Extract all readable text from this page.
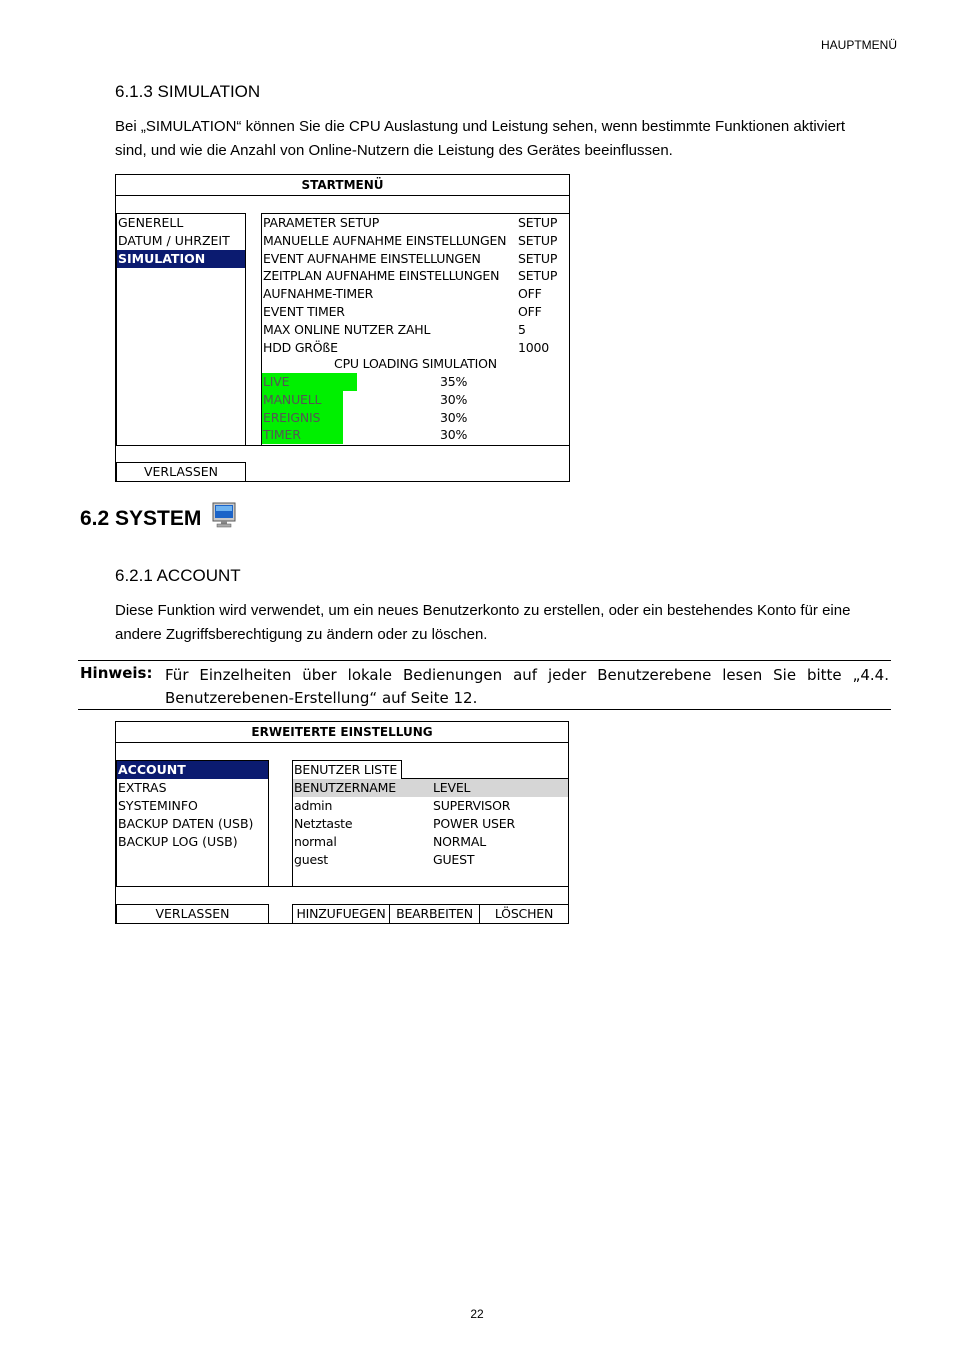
HAUPTMENÜ
6.1.3 SIMULATION
Bei „SIMULATION“ können Sie die CPU Auslastung und Leistung sehen, wenn bestimmte Funktionen aktiviert
sind, und wie die Anzahl von Online-Nutzern die Leistung des Gerätes beeinflussen.
STARTMENÜ
GENERELL
DATUM / UHRZEIT
SIMULATION
PARAMETER SETUP	SETUP
MANUELLE AUFNAHME EINSTELLUNGEN SETUP
EVENT AUFNAHME EINSTELLUNGEN	SETUP
ZEITPLAN AUFNAHME EINSTELLUNGEN SETUP
AUFNAHME-TIMER	OFF
EVENT TIMER	OFF
MAX ONLINE NUTZER ZAHL	5
HDD GRÖßE	1000
CPU LOADING SIMULATION
LIVE	35%
MANUELL	30%
EREIGNIS	30%
TIMER	30%
VERLASSEN
6.2 SYSTEM
6.2.1 ACCOUNT
Diese Funktion wird verwendet, um ein neues Benutzerkonto zu erstellen, oder ein bestehendes Konto für eine
andere Zugriffsberechtigung zu ändern oder zu löschen.
Hinweis: Für Einzelheiten über lokale Bedienungen auf jeder Benutzerebene lesen Sie bitte „4.4. Benutzerebenen-Erstellung“ auf Seite 12.
ERWEITERTE EINSTELLUNG
ACCOUNT
EXTRAS
SYSTEMINFO
BACKUP DATEN (USB)
BACKUP LOG (USB)
BENUTZERNAME	LEVEL
admin	SUPERVISOR
Netztaste	POWER USER
normal	NORMAL
guest	GUEST
BENUTZER LISTE
VERLASSEN	HINZUFUEGEN BEARBEITEN	LÖSCHEN
22
